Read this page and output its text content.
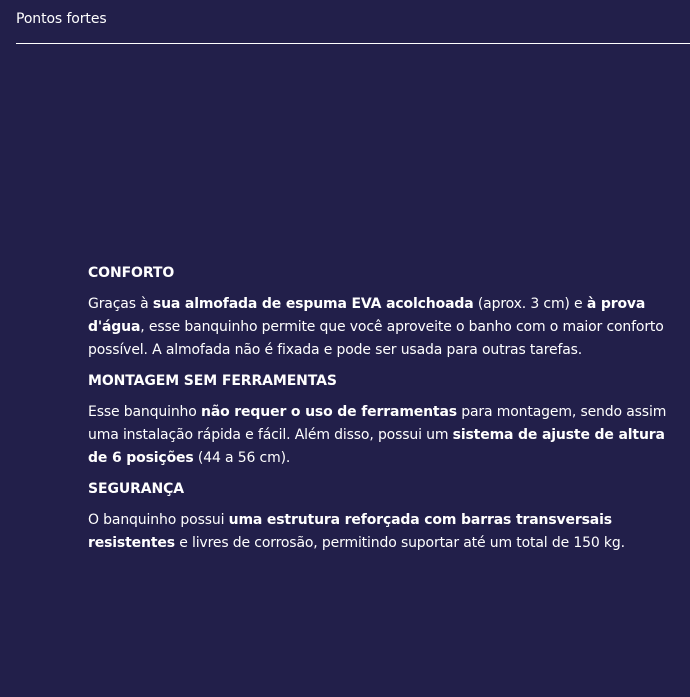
Pontos fortes

CONFORTO

Graças à sua almofada de espuma EVA acolchoada (aprox. 3 cm) e à prova d'água, esse banquinho permite que você aproveite o banho com o maior conforto possível. A almofada não é fixada e pode ser usada para outras tarefas.

MONTAGEM SEM FERRAMENTAS

Esse banquinho não requer o uso de ferramentas para montagem, sendo assim uma instalação rápida e fácil. Além disso, possui um sistema de ajuste de altura de 6 posições (44 a 56 cm).

SEGURANÇA

O banquinho possui uma estrutura reforçada com barras transversais resistentes e livres de corrosão, permitindo suportar até um total de 150 kg.
